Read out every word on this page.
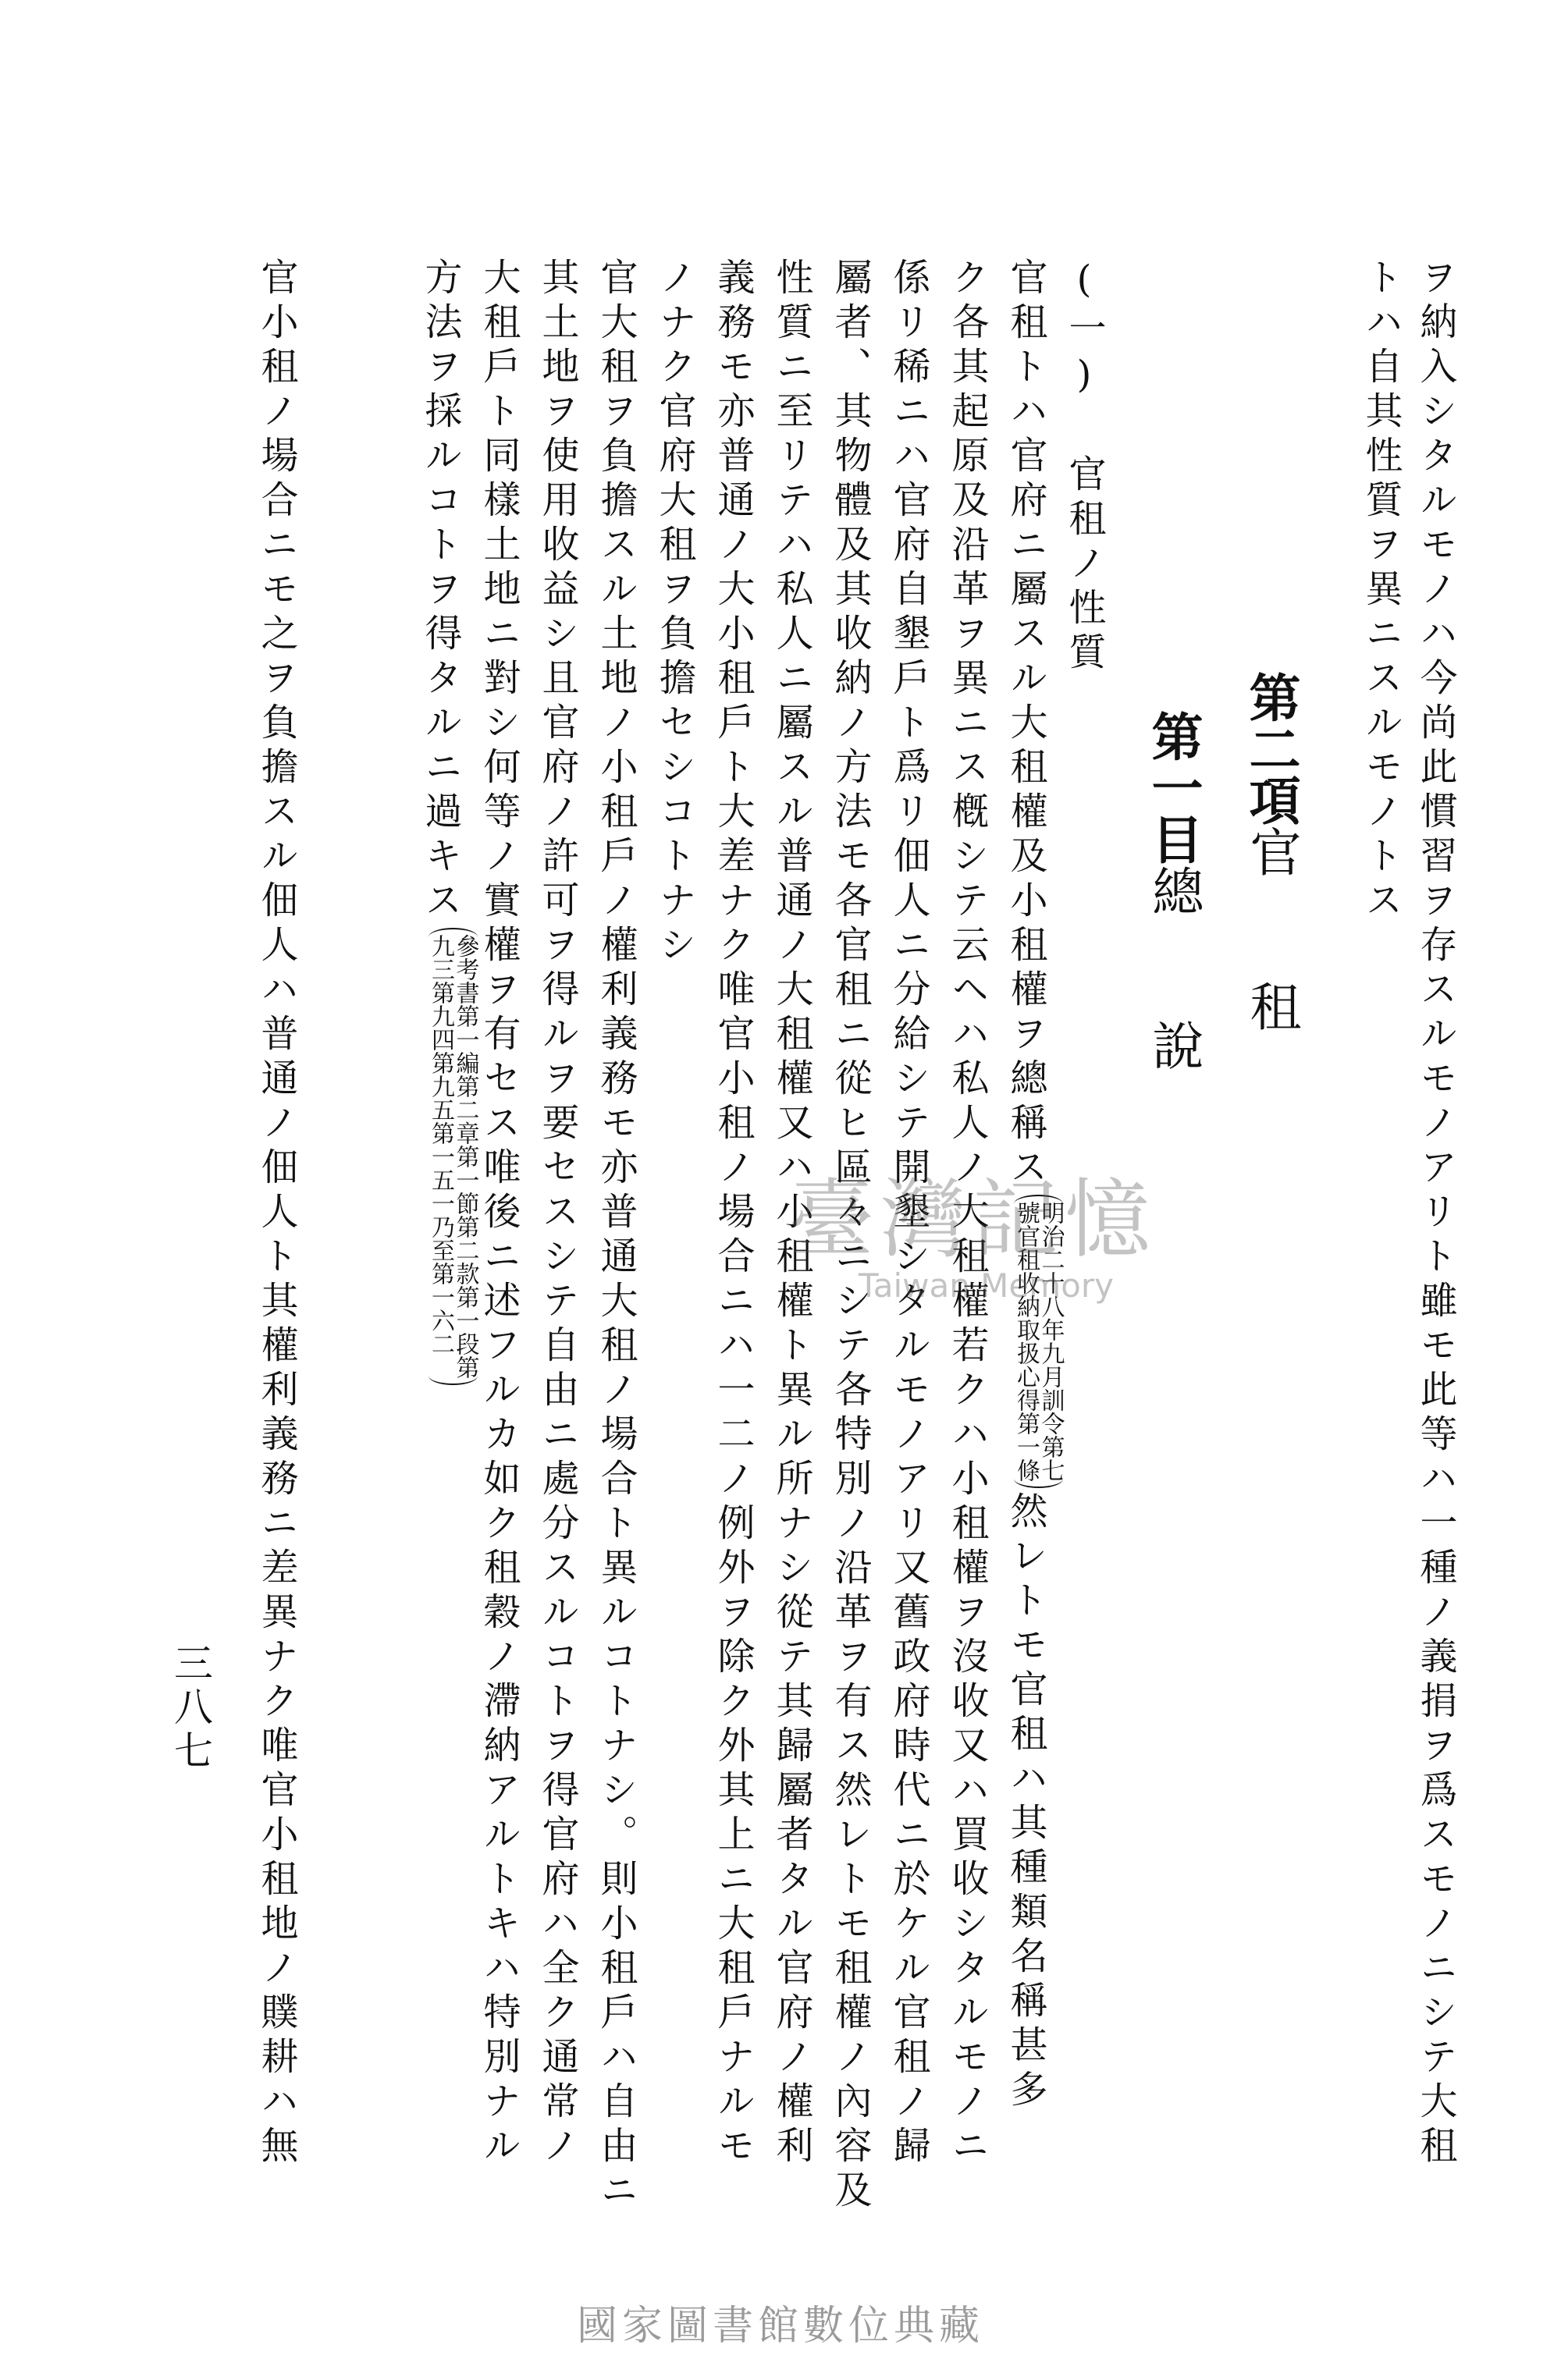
ヲ納入シタルモノハ今尚此慣習ヲ存スルモノアリト雖モ此等ハ一種ノ義捐ヲ爲スモノニシテ大租
トハ自其性質ヲ異ニスルモノトス
第二項官　　租
第一目總　　說
(一) 官租ノ性質
官租トハ官府ニ屬スル大租權及小租權ヲ總稱ス明治二十八年九月訓令第七
號官租收納取扱心得第一條然レトモ官租ハ其種類名稱甚多
ク各其起原及沿革ヲ異ニス槪シテ云ヘハ私人ノ大租權若クハ小租權ヲ沒收又ハ買收シタルモノニ
係リ稀ニハ官府自墾戶ト爲リ佃人ニ分給シテ開墾シタルモノアリ又舊政府時代ニ於ケル官租ノ歸
屬者、其物體及其收納ノ方法モ各官租ニ從ヒ區々ニシテ各特別ノ沿革ヲ有ス然レトモ租權ノ內容及
性質ニ至リテハ私人ニ屬スル普通ノ大租權又ハ小租權ト異ル所ナシ從テ其歸屬者タル官府ノ權利
義務モ亦普通ノ大小租戶ト大差ナク唯官小租ノ場合ニハ一二ノ例外ヲ除ク外其上ニ大租戶ナルモ
ノナク官府大租ヲ負擔セシコトナシ
官大租ヲ負擔スル土地ノ小租戶ノ權利義務モ亦普通大租ノ場合ト異ルコトナシ。則小租戶ハ自由ニ
其土地ヲ使用收益シ且官府ノ許可ヲ得ルヲ要セスシテ自由ニ處分スルコトヲ得官府ハ全ク通常ノ
大租戶ト同樣土地ニ對シ何等ノ實權ヲ有セス唯後ニ述フルカ如ク租穀ノ滯納アルトキハ特別ナル
方法ヲ採ルコトヲ得タルニ過キス參考書第一編第二章第一節第二款第一段第
九三第九四第九五第一五一乃至第一六二
官小租ノ場合ニモ之ヲ負擔スル佃人ハ普通ノ佃人ト其權利義務ニ差異ナク唯官小租地ノ贌耕ハ無
三八七
臺灣記憶
Taiwan Memory
國家圖書館數位典藏
